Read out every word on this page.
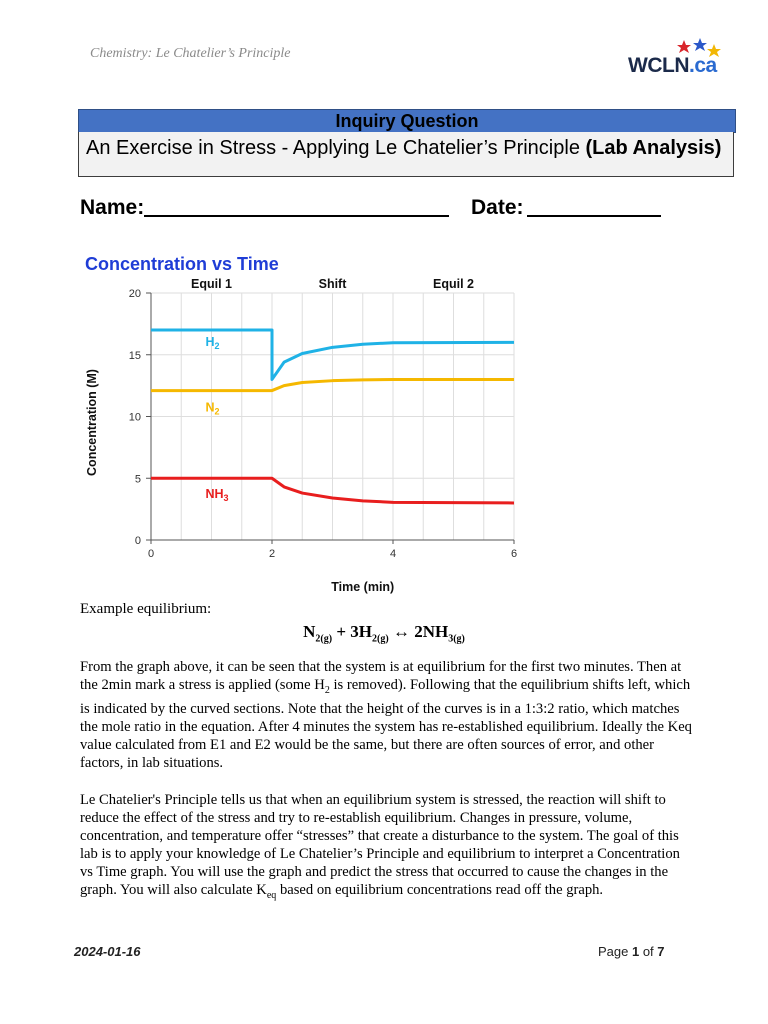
Chemistry: Le Chatelier’s Principle
WCLN.ca
Inquiry Question
An Exercise in Stress - Applying Le Chatelier’s Principle (Lab Analysis)
Name:	Date:
Concentration vs Time
0
5
10
15
20
0	2	4	6
Equil 1	Shift	Equil 2
Time (min)
Concentration (M)
$H_2$
$N_2$
$NH_3$
Example equilibrium:
$N_{2(g)} + 3H_{2(g)}$ ↔ $2NH_{3(g)}$
From the graph above, it can be seen that the system is at equilibrium for the first two minutes. Then at the 2min mark a stress is applied (some $H_2$ is removed). Following that the equilibrium shifts left, which is indicated by the curved sections. Note that the height of the curves is in a 1:3:2 ratio, which matches the mole ratio in the equation. After 4 minutes the system has re-established equilibrium. Ideally the Keq value calculated from E1 and E2 would be the same, but there are often sources of error, and other factors, in lab situations.
Le Chatelier's Principle tells us that when an equilibrium system is stressed, the reaction will shift to reduce the effect of the stress and try to re-establish equilibrium. Changes in pressure, volume, concentration, and temperature offer “stresses” that create a disturbance to the system. The goal of this lab is to apply your knowledge of Le Chatelier’s Principle and equilibrium to interpret a Concentration vs Time graph. You will use the graph and predict the stress that occurred to cause the changes in the graph. You will also calculate $K_{eq}$ based on equilibrium concentrations read off the graph.
2024-01-16	Page 1 of 7
